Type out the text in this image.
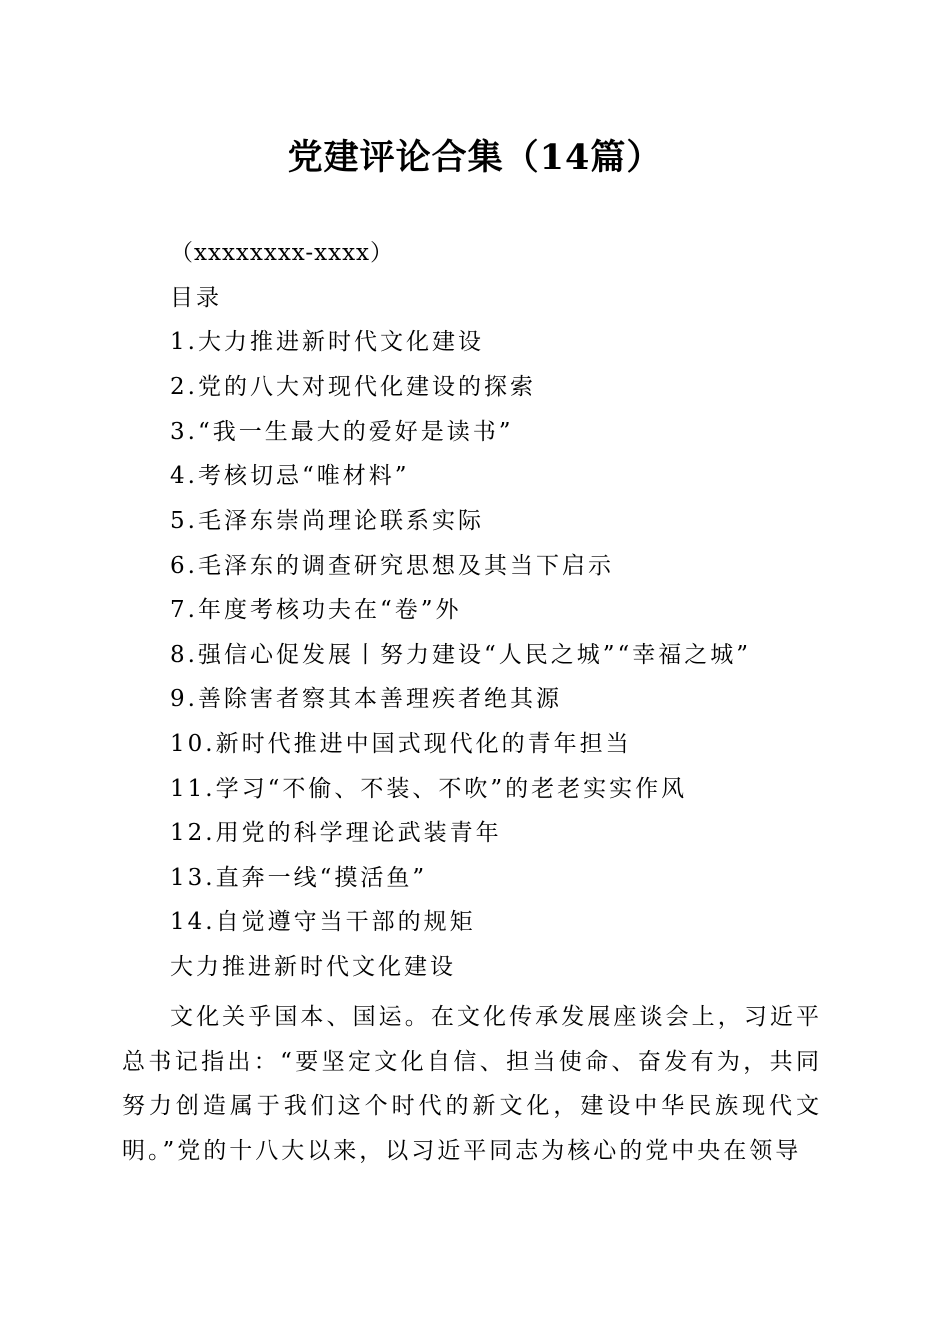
党建评论合集（14篇）

（xxxxxxxx-xxxx）

目录

1.大力推进新时代文化建设

2.党的八大对现代化建设的探索

3.“我一生最大的爱好是读书”

4.考核切忌“唯材料”

5.毛泽东崇尚理论联系实际

6.毛泽东的调查研究思想及其当下启示

7.年度考核功夫在“卷”外

8.强信心促发展丨努力建设“人民之城”“幸福之城”

9.善除害者察其本善理疾者绝其源

10.新时代推进中国式现代化的青年担当

11.学习“不偷、不装、不吹”的老老实实作风

12.用党的科学理论武装青年

13.直奔一线“摸活鱼”

14.自觉遵守当干部的规矩

大力推进新时代文化建设

文化关乎国本、国运。在文化传承发展座谈会上，习近平总书记指出：“要坚定文化自信、担当使命、奋发有为，共同努力创造属于我们这个时代的新文化，建设中华民族现代文明。”党的十八大以来，以习近平同志为核心的党中央在领导
